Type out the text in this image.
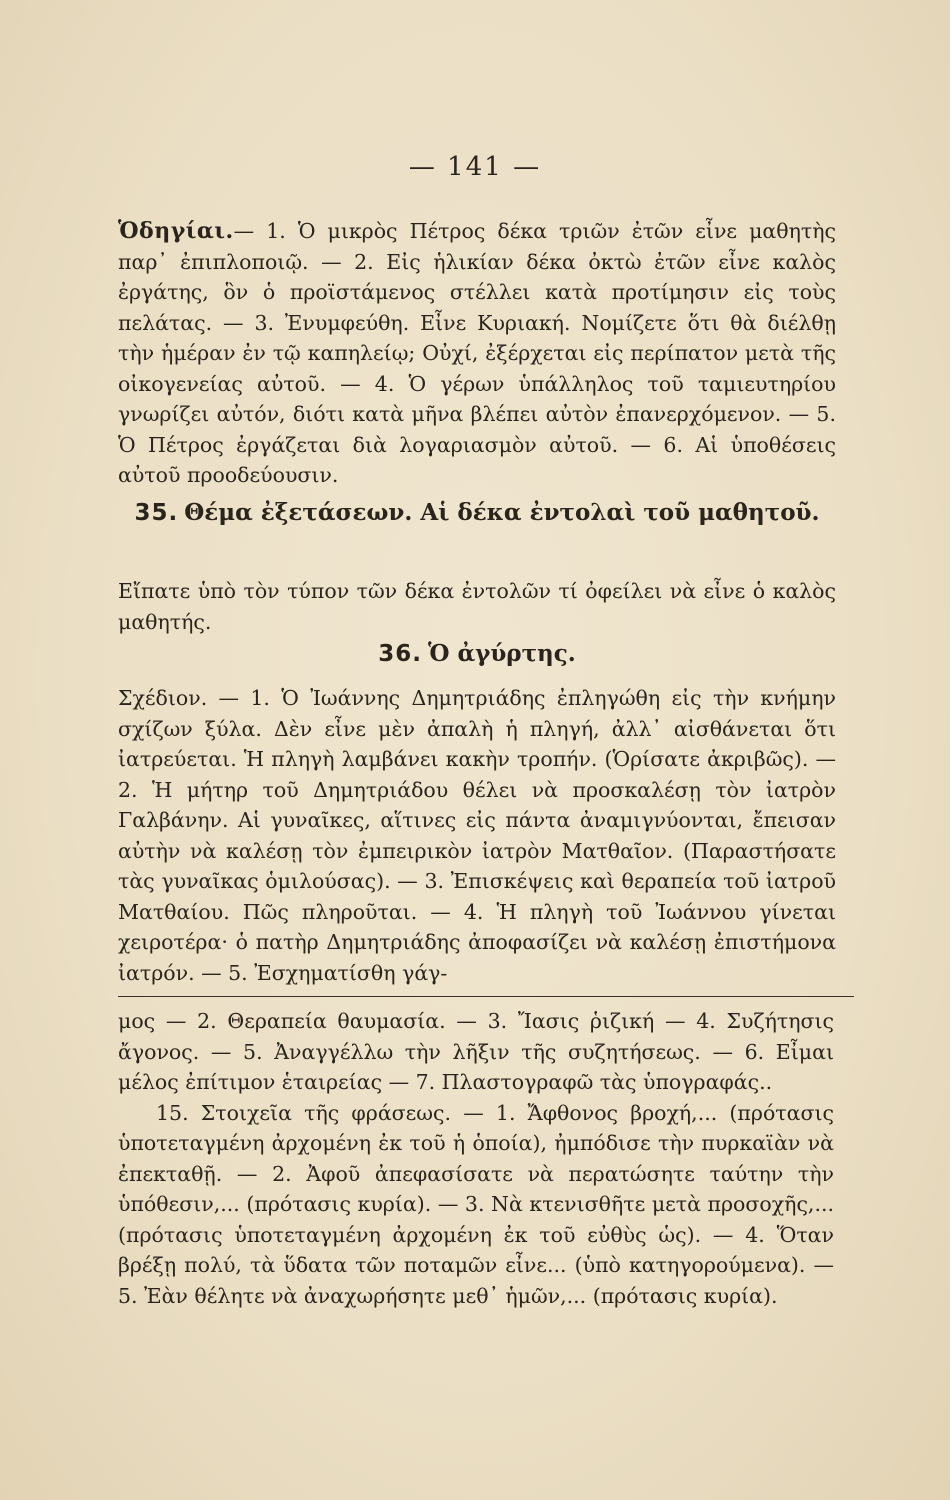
— 141 —

Ὁδηγίαι.— 1. Ὁ μικρὸς Πέτρος δέκα τριῶν ἐτῶν εἶνε μαθητὴς παρ᾽ ἐπιπλοποιῷ. — 2. Εἰς ἡλικίαν δέκα ὀκτὼ ἐτῶν εἶνε καλὸς ἐργάτης, ὃν ὁ προϊστάμενος στέλλει κατὰ προτίμησιν εἰς τοὺς πελάτας. — 3. Ἐνυμφεύθη. Εἶνε Κυριακή. Νομίζετε ὅτι θὰ διέλθῃ τὴν ἡμέραν ἐν τῷ καπηλείῳ; Οὐχί, ἐξέρχεται εἰς περίπατον μετὰ τῆς οἰκογενείας αὐτοῦ. — 4. Ὁ γέρων ὑπάλληλος τοῦ ταμιευτηρίου γνωρίζει αὐτόν, διότι κατὰ μῆνα βλέπει αὐτὸν ἐπανερχόμενον. — 5. Ὁ Πέτρος ἐργάζεται διὰ λογαριασμὸν αὐτοῦ. — 6. Αἱ ὑποθέσεις αὐτοῦ προοδεύουσιν.

35. Θέμα ἐξετάσεων. Αἱ δέκα ἐντολαὶ τοῦ μαθητοῦ.

Εἴπατε ὑπὸ τὸν τύπον τῶν δέκα ἐντολῶν τί ὀφείλει νὰ εἶνε ὁ καλὸς μαθητής.

36. Ὁ ἀγύρτης.

Σχέδιον. — 1. Ὁ Ἰωάννης Δημητριάδης ἐπληγώθη εἰς τὴν κνήμην σχίζων ξύλα. Δὲν εἶνε μὲν ἀπαλὴ ἡ πληγή, ἀλλ᾽ αἰσθάνεται ὅτι ἰατρεύεται. Ἡ πληγὴ λαμβάνει κακὴν τροπήν. (Ὁρίσατε ἀκριβῶς). — 2. Ἡ μήτηρ τοῦ Δημητριάδου θέλει νὰ προσκαλέσῃ τὸν ἰατρὸν Γαλβάνην. Αἱ γυναῖκες, αἵτινες εἰς πάντα ἀναμιγνύονται, ἔπεισαν αὐτὴν νὰ καλέσῃ τὸν ἐμπειρικὸν ἰατρὸν Ματθαῖον. (Παραστήσατε τὰς γυναῖκας ὁμιλούσας). — 3. Ἐπισκέψεις καὶ θεραπεία τοῦ ἰατροῦ Ματθαίου. Πῶς πληροῦται. — 4. Ἡ πληγὴ τοῦ Ἰωάννου γίνεται χειροτέρα· ὁ πατὴρ Δημητριάδης ἀποφασίζει νὰ καλέσῃ ἐπιστήμονα ἰατρόν. — 5. Ἐσχηματίσθη γάγ-

μος — 2. Θεραπεία θαυμασία. — 3. Ἴασις ῥιζική — 4. Συζήτησις ἄγονος. — 5. Ἀναγγέλλω τὴν λῆξιν τῆς συζητήσεως. — 6. Εἶμαι μέλος ἐπίτιμον ἑταιρείας — 7. Πλαστογραφῶ τὰς ὑπογραφάς..
15. Στοιχεῖα τῆς φράσεως. — 1. Ἄφθονος βροχή,... (πρότασις ὑποτεταγμένη ἀρχομένη ἐκ τοῦ ἡ ὁποία), ἠμπόδισε τὴν πυρκαϊὰν νὰ ἐπεκταθῇ. — 2. Ἀφοῦ ἀπεφασίσατε νὰ περατώσητε ταύτην τὴν ὑπόθεσιν,... (πρότασις κυρία). — 3. Νὰ κτενισθῆτε μετὰ προσοχῆς,... (πρότασις ὑποτεταγμένη ἀρχομένη ἐκ τοῦ εὐθὺς ὡς). — 4. Ὅταν βρέξῃ πολύ, τὰ ὕδατα τῶν ποταμῶν εἶνε... (ὑπὸ κατηγορούμενα). — 5. Ἐὰν θέλητε νὰ ἀναχωρήσητε μεθ᾽ ἡμῶν,... (πρότασις κυρία).
